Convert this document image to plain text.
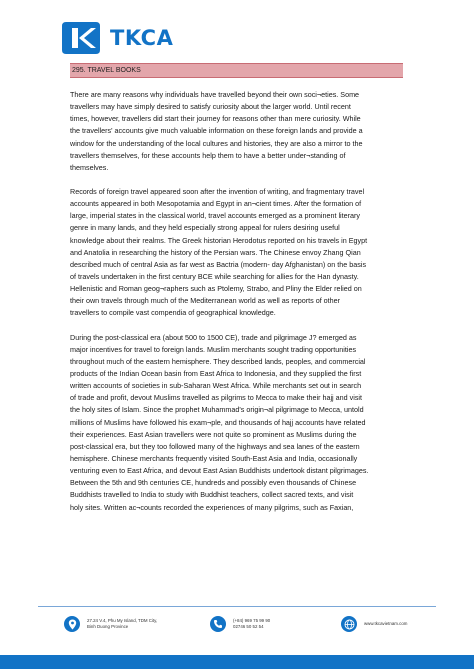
TKCA
295. TRAVEL BOOKS
There are many reasons why individuals have travelled beyond their own soci¬eties. Some
travellers may have simply desired to satisfy curiosity about the larger world. Until recent
times, however, travellers did start their journey for reasons other than mere curiosity. While
the travellers' accounts give much valuable information on these foreign lands and provide a
window for the understanding of the local cultures and histories, they are also a mirror to the
travellers themselves, for these accounts help them to have a better under¬standing of
themselves.
Records of foreign travel appeared soon after the invention of writing, and fragmentary travel
accounts appeared in both Mesopotamia and Egypt in an¬cient times. After the formation of
large, imperial states in the classical world, travel accounts emerged as a prominent literary
genre in many lands, and they held especially strong appeal for rulers desiring useful
knowledge about their realms. The Greek historian Herodotus reported on his travels in Egypt
and Anatolia in researching the history of the Persian wars. The Chinese envoy Zhang Qian
described much of central Asia as far west as Bactria (modern- day Afghanistan) on the basis
of travels undertaken in the first century BCE while searching for allies for the Han dynasty.
Hellenistic and Roman geog¬raphers such as Ptolemy, Strabo, and Pliny the Elder relied on
their own travels through much of the Mediterranean world as well as reports of other
travellers to compile vast compendia of geographical knowledge.
During the post-classical era (about 500 to 1500 CE), trade and pilgrimage J? emerged as
major incentives for travel to foreign lands. Muslim merchants sought trading opportunities
throughout much of the eastern hemisphere. They described lands, peoples, and commercial
products of the Indian Ocean basin from East Africa to Indonesia, and they supplied the first
written accounts of societies in sub-Saharan West Africa. While merchants set out in search
of trade and profit, devout Muslims travelled as pilgrims to Mecca to make their hajj and visit
the holy sites of Islam. Since the prophet Muhammad's origin¬al pilgrimage to Mecca, untold
millions of Muslims have followed his exam¬ple, and thousands of hajj accounts have related
their experiences. East Asian travellers were not quite so prominent as Muslims during the
post-classical era, but they too followed many of the highways and sea lanes of the eastern
hemisphere. Chinese merchants frequently visited South-East Asia and India, occasionally
venturing even to East Africa, and devout East Asian Buddhists undertook distant pilgrimages.
Between the 5th and 9th centuries CE, hundreds and possibly even thousands of Chinese
Buddhists travelled to India to study with Buddhist teachers, collect sacred texts, and visit
holy sites. Written ac¬counts recorded the experiences of many pilgrims, such as Faxian,
27.24 V.4, Phu My Island, TDM City,
Binh Duong Province
(+84) 969 75 99 90
02746 50 52 54
www.tkcavietnam.com
